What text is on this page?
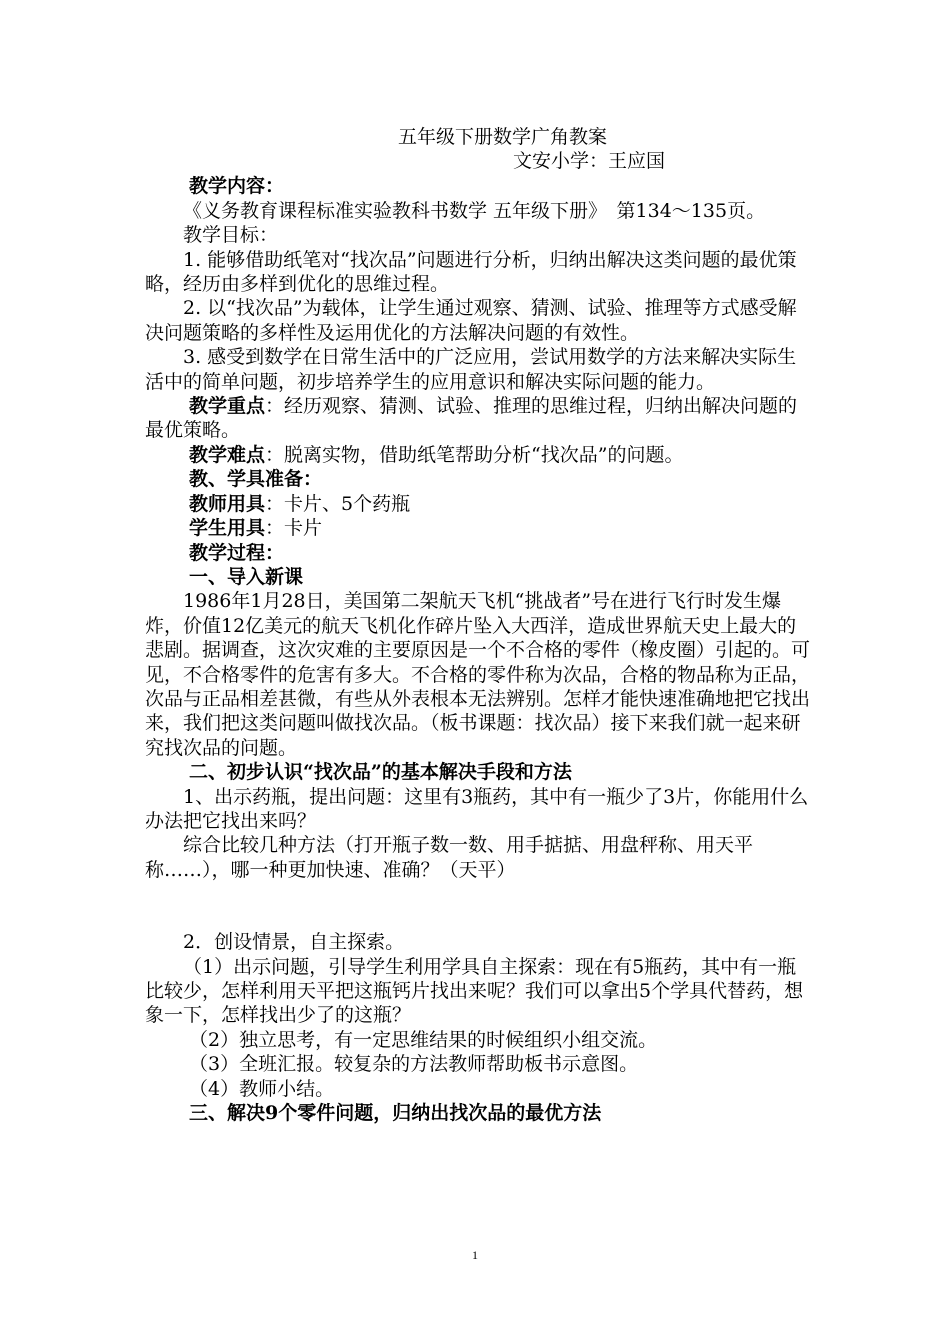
五年级下册数学广角教案

文安小学：王应国

教学内容：

《义务教育课程标准实验教科书数学 五年级下册》　第134～135页。

教学目标：

1. 能够借助纸笔对“找次品”问题进行分析，归纳出解决这类问题的最优策略，经历由多样到优化的思维过程。

2. 以“找次品”为载体，让学生通过观察、猜测、试验、推理等方式感受解决问题策略的多样性及运用优化的方法解决问题的有效性。

3. 感受到数学在日常生活中的广泛应用，尝试用数学的方法来解决实际生活中的简单问题，初步培养学生的应用意识和解决实际问题的能力。

教学重点：经历观察、猜测、试验、推理的思维过程，归纳出解决问题的最优策略。

教学难点：脱离实物，借助纸笔帮助分析“找次品”的问题。

教、学具准备：

教师用具：卡片、5个药瓶

学生用具：卡片

教学过程：

一、导入新课

1986年1月28日，美国第二架航天飞机“挑战者”号在进行飞行时发生爆炸，价值12亿美元的航天飞机化作碎片坠入大西洋，造成世界航天史上最大的悲剧。据调查，这次灾难的主要原因是一个不合格的零件（橡皮圈）引起的。可见，不合格零件的危害有多大。不合格的零件称为次品，合格的物品称为正品，次品与正品相差甚微，有些从外表根本无法辨别。怎样才能快速准确地把它找出来，我们把这类问题叫做找次品。（板书课题：找次品）接下来我们就一起来研究找次品的问题。

二、初步认识“找次品”的基本解决手段和方法

1、出示药瓶，提出问题：这里有3瓶药，其中有一瓶少了3片，你能用什么办法把它找出来吗？

综合比较几种方法（打开瓶子数一数、用手掂掂、用盘秤称、用天平称……），哪一种更加快速、准确？（天平）

2．创设情景，自主探索。

（1）出示问题，引导学生利用学具自主探索：现在有5瓶药，其中有一瓶比较少，怎样利用天平把这瓶钙片找出来呢？我们可以拿出5个学具代替药，想象一下，怎样找出少了的这瓶？

（2）独立思考，有一定思维结果的时候组织小组交流。

（3）全班汇报。较复杂的方法教师帮助板书示意图。

（4）教师小结。

三、解决9个零件问题，归纳出找次品的最优方法

1
